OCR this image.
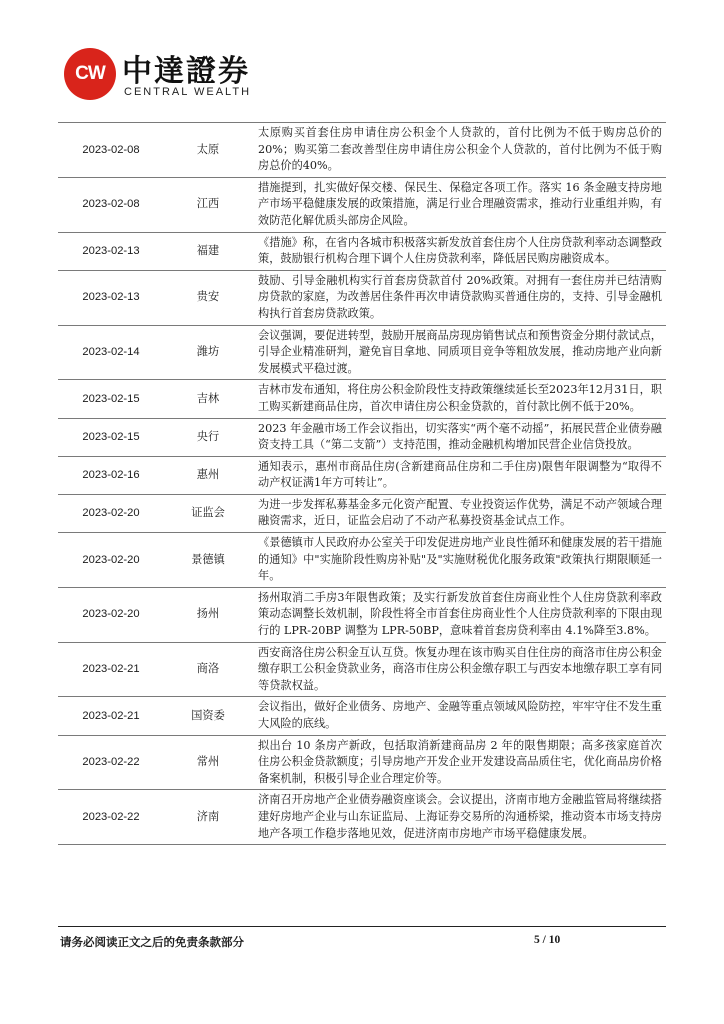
CW 中達證券
CENTRAL WEALTH
2023-02-08	太原	太原购买首套住房申请住房公积金个人贷款的，首付比例为不低于购房总价的20%；购买第二套改善型住房申请住房公积金个人贷款的，首付比例为不低于购房总价的40%。
2023-02-08	江西	措施提到，扎实做好保交楼、保民生、保稳定各项工作。落实 16 条金融支持房地产市场平稳健康发展的政策措施，满足行业合理融资需求，推动行业重组并购，有效防范化解优质头部房企风险。
2023-02-13	福建	《措施》称，在省内各城市积极落实新发放首套住房个人住房贷款利率动态调整政策，鼓励银行机构合理下调个人住房贷款利率，降低居民购房融资成本。
2023-02-13	贵安	鼓励、引导金融机构实行首套房贷款首付 20%政策。对拥有一套住房并已结清购房贷款的家庭，为改善居住条件再次申请贷款购买普通住房的，支持、引导金融机构执行首套房贷款政策。
2023-02-14	潍坊	会议强调，要促进转型，鼓励开展商品房现房销售试点和预售资金分期付款试点，引导企业精准研判，避免盲目拿地、同质项目竞争等粗放发展，推动房地产业向新发展模式平稳过渡。
2023-02-15	吉林	吉林市发布通知，将住房公积金阶段性支持政策继续延长至2023年12月31日，职工购买新建商品住房，首次申请住房公积金贷款的，首付款比例不低于20%。
2023-02-15	央行	2023 年金融市场工作会议指出，切实落实“两个毫不动摇”，拓展民营企业债券融资支持工具（“第二支箭”）支持范围，推动金融机构增加民营企业信贷投放。
2023-02-16	惠州	通知表示，惠州市商品住房(含新建商品住房和二手住房)限售年限调整为“取得不动产权证满1年方可转让”。
2023-02-20	证监会	为进一步发挥私募基金多元化资产配置、专业投资运作优势，满足不动产领域合理融资需求，近日，证监会启动了不动产私募投资基金试点工作。
2023-02-20	景德镇	《景德镇市人民政府办公室关于印发促进房地产业良性循环和健康发展的若干措施的通知》中"实施阶段性购房补贴"及"实施财税优化服务政策"政策执行期限顺延一年。
2023-02-20	扬州	扬州取消二手房3年限售政策；及实行新发放首套住房商业性个人住房贷款利率政策动态调整长效机制，阶段性将全市首套住房商业性个人住房贷款利率的下限由现行的 LPR-20BP 调整为 LPR-50BP，意味着首套房贷利率由 4.1%降至3.8%。
2023-02-21	商洛	西安商洛住房公积金互认互贷。恢复办理在该市购买自住住房的商洛市住房公积金缴存职工公积金贷款业务，商洛市住房公积金缴存职工与西安本地缴存职工享有同等贷款权益。
2023-02-21	国资委	会议指出，做好企业债务、房地产、金融等重点领域风险防控，牢牢守住不发生重大风险的底线。
2023-02-22	常州	拟出台 10 条房产新政，包括取消新建商品房 2 年的限售期限；高多孩家庭首次住房公积金贷款额度；引导房地产开发企业开发建设高品质住宅，优化商品房价格备案机制，积极引导企业合理定价等。
2023-02-22	济南	济南召开房地产企业债券融资座谈会。会议提出，济南市地方金融监管局将继续搭建好房地产企业与山东证监局、上海证券交易所的沟通桥梁，推动资本市场支持房地产各项工作稳步落地见效，促进济南市房地产市场平稳健康发展。
请务必阅读正文之后的免责条款部分	5 / 10
